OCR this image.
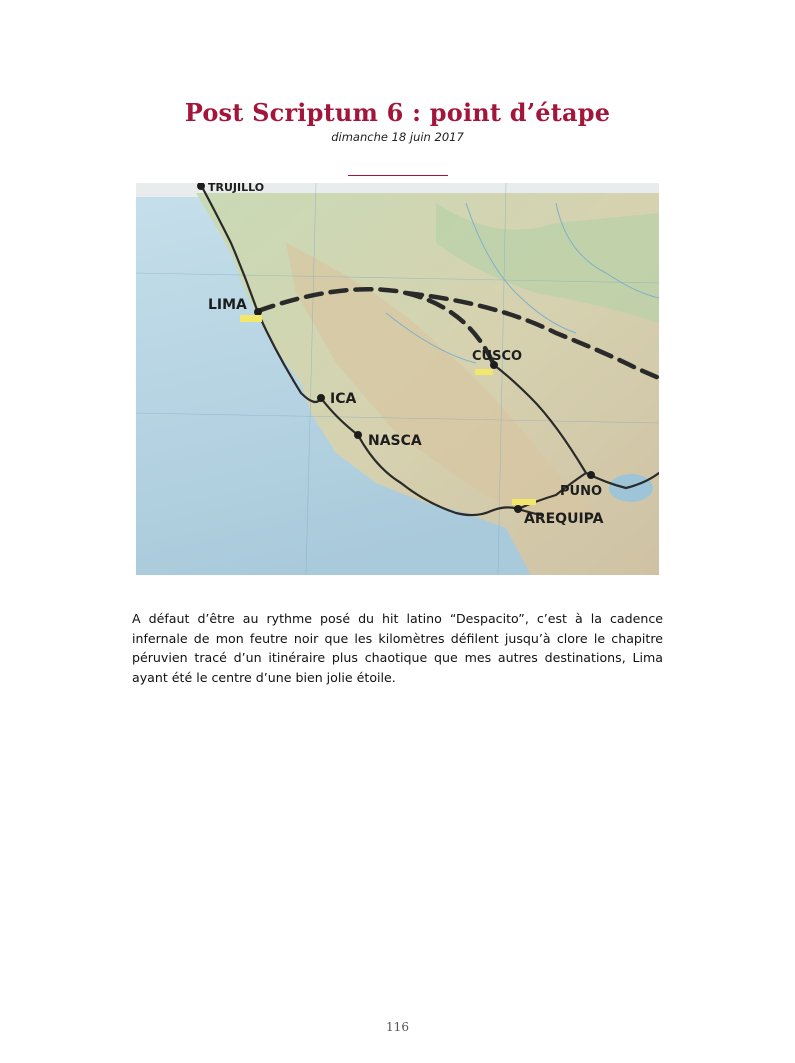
Post Scriptum 6 : point d’étape
dimanche 18 juin 2017
TRUJILLO
LIMA
CUSCO
ICA
NASCA
PUNO
AREQUIPA
A défaut d’être au rythme posé du hit latino “Despacito”, c’est à la cadence infernale de mon feutre noir que les kilomètres défilent jusqu’à clore le chapitre péruvien tracé d’un itinéraire plus chaotique que mes autres destinations, Lima ayant été le centre d’une bien jolie étoile.
116
